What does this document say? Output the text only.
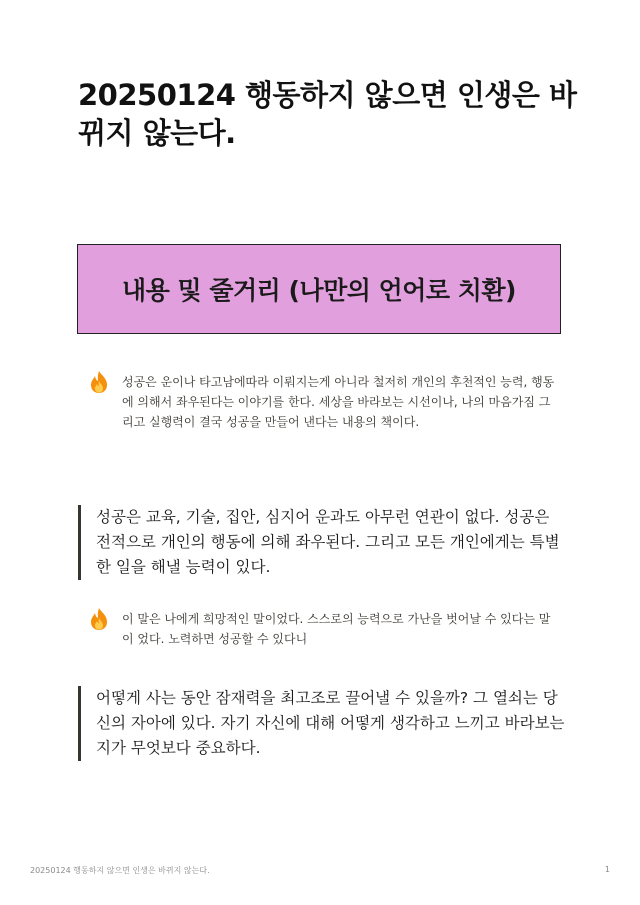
20250124 행동하지 않으면 인생은 바뀌지 않는다.
내용 및 줄거리 (나만의 언어로 치환)

성공은 운이나 타고남에따라 이뤄지는게 아니라 철저히 개인의 후천적인 능력, 행동에 의해서 좌우된다는 이야기를 한다. 세상을 바라보는 시선이나, 나의 마음가짐 그리고 실행력이 결국 성공을 만들어 낸다는 내용의 책이다.

성공은 교육, 기술, 집안, 심지어 운과도 아무런 연관이 없다. 성공은 전적으로 개인의 행동에 의해 좌우된다. 그리고 모든 개인에게는 특별한 일을 해낼 능력이 있다.

이 말은 나에게 희망적인 말이었다. 스스로의 능력으로 가난을 벗어날 수 있다는 말이 었다. 노력하면 성공할 수 있다니

어떻게 사는 동안 잠재력을 최고조로 끌어낼 수 있을까? 그 열쇠는 당신의 자아에 있다. 자기 자신에 대해 어떻게 생각하고 느끼고 바라보는지가 무엇보다 중요하다.

20250124 행동하지 않으면 인생은 바뀌지 않는다.	1
